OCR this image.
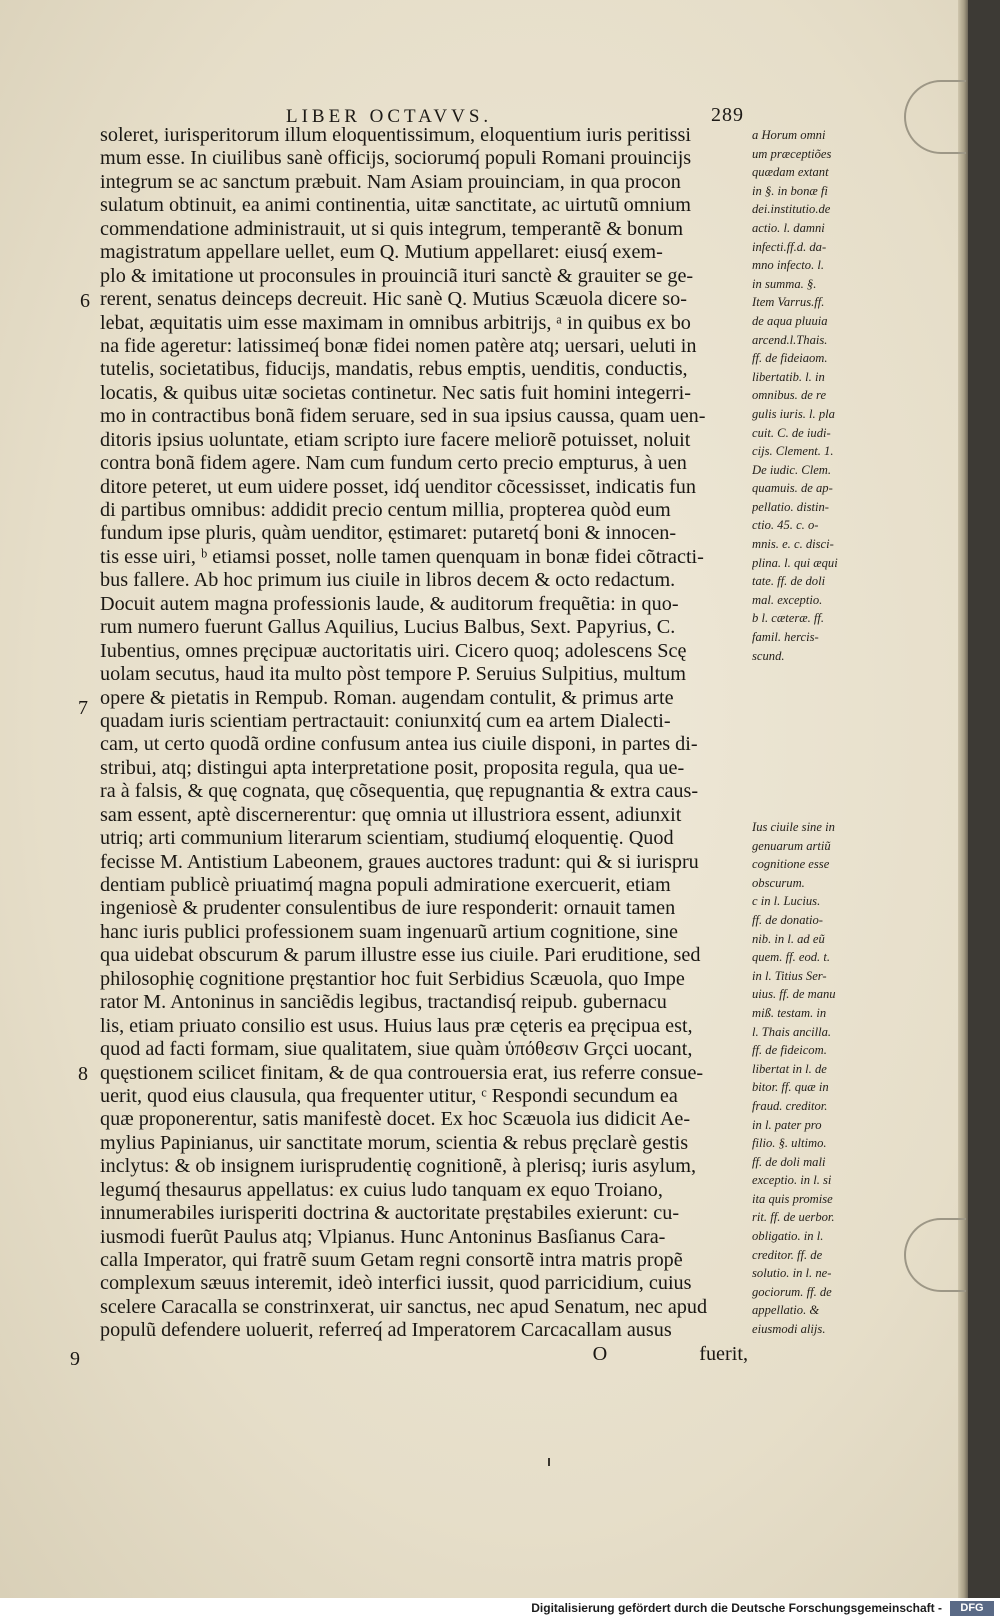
LIBER OCTAVVS.	289
6
7
8
9
soleret, iurisperitorum illum eloquentissimum, eloquentium iuris peritissi
mum esse. In ciuilibus sanè officijs, sociorumq́ populi Romani prouincijs
integrum se ac sanctum præbuit. Nam Asiam prouinciam, in qua procon
sulatum obtinuit, ea animi continentia, uitæ sanctitate, ac uirtutũ omnium
commendatione administrauit, ut si quis integrum, temperantẽ & bonum
magistratum appellare uellet, eum Q. Mutium appellaret: eiusq́ exem-
plo & imitatione ut proconsules in prouinciã ituri sanctè & grauiter se ge-
rerent, senatus deinceps decreuit. Hic sanè Q. Mutius Scæuola dicere so-
lebat, æquitatis uim esse maximam in omnibus arbitrijs, ᵃ in quibus ex bo
na fide ageretur: latissimeq́ bonæ fidei nomen patère atq; uersari, ueluti in
tutelis, societatibus, fiducijs, mandatis, rebus emptis, uenditis, conductis,
locatis, & quibus uitæ societas continetur. Nec satis fuit homini integerri-
mo in contractibus bonã fidem seruare, sed in sua ipsius caussa, quam uen-
ditoris ipsius uoluntate, etiam scripto iure facere meliorẽ potuisset, noluit
contra bonã fidem agere. Nam cum fundum certo precio empturus, à uen
ditore peteret, ut eum uidere posset, idq́ uenditor cõcessisset, indicatis fun
di partibus omnibus: addidit precio centum millia, propterea quòd eum
fundum ipse pluris, quàm uenditor, ęstimaret: putaretq́ boni & innocen-
tis esse uiri, ᵇ etiamsi posset, nolle tamen quenquam in bonæ fidei cõtracti-
bus fallere. Ab hoc primum ius ciuile in libros decem & octo redactum.
Docuit autem magna professionis laude, & auditorum frequẽtia: in quo-
rum numero fuerunt Gallus Aquilius, Lucius Balbus, Sext. Papyrius, C.
Iubentius, omnes pręcipuæ auctoritatis uiri. Cicero quoq; adolescens Scę
uolam secutus, haud ita multo pòst tempore P. Seruius Sulpitius, multum
opere & pietatis in Rempub. Roman. augendam contulit, & primus arte
quadam iuris scientiam pertractauit: coniunxitq́ cum ea artem Dialecti-
cam, ut certo quodã ordine confusum antea ius ciuile disponi, in partes di-
stribui, atq; distingui apta interpretatione posit, proposita regula, qua ue-
ra à falsis, & quę cognata, quę cõsequentia, quę repugnantia & extra caus-
sam essent, aptè discernerentur: quę omnia ut illustriora essent, adiunxit
utriq; arti communium literarum scientiam, studiumq́ eloquentię. Quod
fecisse M. Antistium Labeonem, graues auctores tradunt: qui & si iurispru
dentiam publicè priuatimq́ magna populi admiratione exercuerit, etiam
ingeniosè & prudenter consulentibus de iure responderit: ornauit tamen
hanc iuris publici professionem suam ingenuarũ artium cognitione, sine
qua uidebat obscurum & parum illustre esse ius ciuile. Pari eruditione, sed
philosophię cognitione pręstantior hoc fuit Serbidius Scæuola, quo Impe
rator M. Antoninus in sanciẽdis legibus, tractandisq́ reipub. gubernacu
lis, etiam priuato consilio est usus. Huius laus præ cęteris ea pręcipua est,
quod ad facti formam, siue qualitatem, siue quàm ὑπόθεσιν Grçci uocant,
quęstionem scilicet finitam, & de qua controuersia erat, ius referre consue-
uerit, quod eius clausula, qua frequenter utitur, ᶜ Respondi secundum ea
quæ proponerentur, satis manifestè docet. Ex hoc Scæuola ius didicit Ae-
mylius Papinianus, uir sanctitate morum, scientia & rebus pręclarè gestis
inclytus: & ob insignem iurisprudentię cognitionẽ, à plerisq; iuris asylum,
legumq́ thesaurus appellatus: ex cuius ludo tanquam ex equo Troiano,
innumerabiles iurisperiti doctrina & auctoritate pręstabiles exierunt: cu-
iusmodi fuerũt Paulus atq; Vlpianus. Hunc Antoninus Basſianus Cara-
calla Imperator, qui fratrẽ suum Getam regni consortẽ intra matris propẽ
complexum sæuus interemit, ideò interfici iussit, quod parricidium, cuius
scelere Caracalla se constrinxerat, uir sanctus, nec apud Senatum, nec apud
populũ defendere uoluerit, referreq́ ad Imperatorem Carcacallam ausus
O	fuerit,
a Horum omni
um præceptiões
quædam extant
in §. in bonæ fi
dei.institutio.de
actio. l. damni
infecti.ff.d. da-
mno infecto. l.
in summa. §.
Item Varrus.ff.
de aqua pluuia
arcend.l.Thais.
ff. de fideiaom.
libertatib. l. in
omnibus. de re
gulis iuris. l. pla
cuit. C. de iudi-
cijs. Clement. 1.
De iudic. Clem.
quamuis. de ap-
pellatio. distin-
ctio. 45. c. o-
mnis. e. c. disci-
plina. l. qui æqui
tate. ff. de doli
mal. exceptio.
b l. cæteræ. ff.
famil. hercis-
scund.
Ius ciuile sine in
genuarum artiũ
cognitione esse
obscurum.
c in l. Lucius.
ff. de donatio-
nib. in l. ad eũ
quem. ff. eod. t.
in l. Titius Ser-
uius. ff. de manu
miß. testam. in
l. Thais ancilla.
ff. de fideicom.
libertat in l. de
bitor. ff. quæ in
fraud. creditor.
in l. pater pro
filio. §. ultimo.
ff. de doli mali
exceptio. in l. si
ita quis promise
rit. ff. de uerbor.
obligatio. in l.
creditor. ff. de
solutio. in l. ne-
gociorum. ff. de
appellatio. &
eiusmodi alijs.
Digitalisierung gefördert durch die Deutsche Forschungsgemeinschaft -	DFG
